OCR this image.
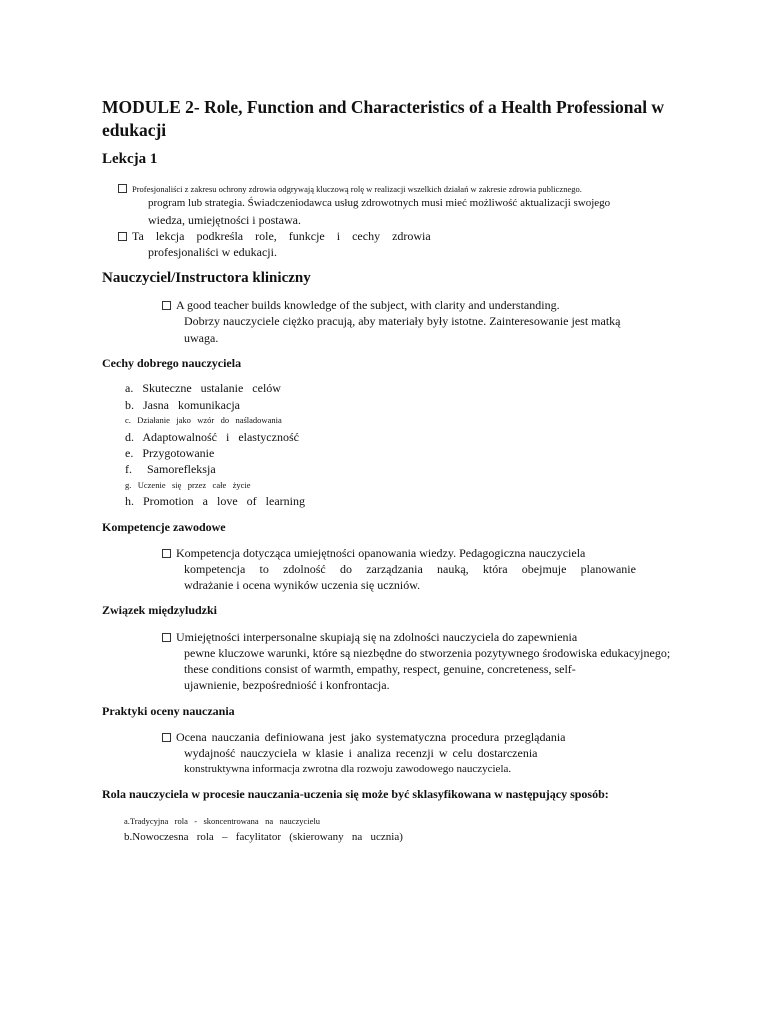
MODULE 2- Role, Function and Characteristics of a Health Professional w edukacji
Lekcja 1
Profesjonaliści z zakresu ochrony zdrowia odgrywają kluczową rolę w realizacji wszelkich działań w zakresie zdrowia publicznego.
program lub strategia. Świadczeniodawca usług zdrowotnych musi mieć możliwość aktualizacji swojego
wiedza, umiejętności i postawa.
Ta lekcja podkreśla role, funkcje i cechy zdrowia
profesjonaliści w edukacji.
Nauczyciel/Instructora kliniczny
A good teacher builds knowledge of the subject, with clarity and understanding.
Dobrzy nauczyciele ciężko pracują, aby materiały były istotne. Zainteresowanie jest matką
uwaga.
Cechy dobrego nauczyciela
a.   Skuteczne   ustalanie   celów
b.   Jasna   komunikacja
c.   Działanie   jako   wzór   do   naśladowania
d.   Adaptowalność   i   elastyczność
e.   Przygotowanie
f.     Samorefleksja
g.   Uczenie   się   przez   całe   życie
h.   Promotion   a   love   of   learning
Kompetencje zawodowe
Kompetencja dotycząca umiejętności opanowania wiedzy. Pedagogiczna nauczyciela
kompetencja to zdolność do zarządzania nauką, która obejmuje planowanie
wdrażanie i ocena wyników uczenia się uczniów.
Związek międzyludzki
Umiejętności interpersonalne skupiają się na zdolności nauczyciela do zapewnienia
pewne kluczowe warunki, które są niezbędne do stworzenia pozytywnego środowiska edukacyjnego;
these conditions consist of warmth, empathy, respect, genuine, concreteness, self-
ujawnienie, bezpośredniość i konfrontacja.
Praktyki oceny nauczania
Ocena nauczania definiowana jest jako systematyczna procedura przeglądania
wydajność nauczyciela w klasie i analiza recenzji w celu dostarczenia
konstruktywna informacja zwrotna dla rozwoju zawodowego nauczyciela.
Rola nauczyciela w procesie nauczania-uczenia się może być sklasyfikowana w następujący sposób:
a.Tradycyjna   rola   -   skoncentrowana   na   nauczycielu
b.Nowoczesna   rola   –   facylitator   (skierowany   na   ucznia)
